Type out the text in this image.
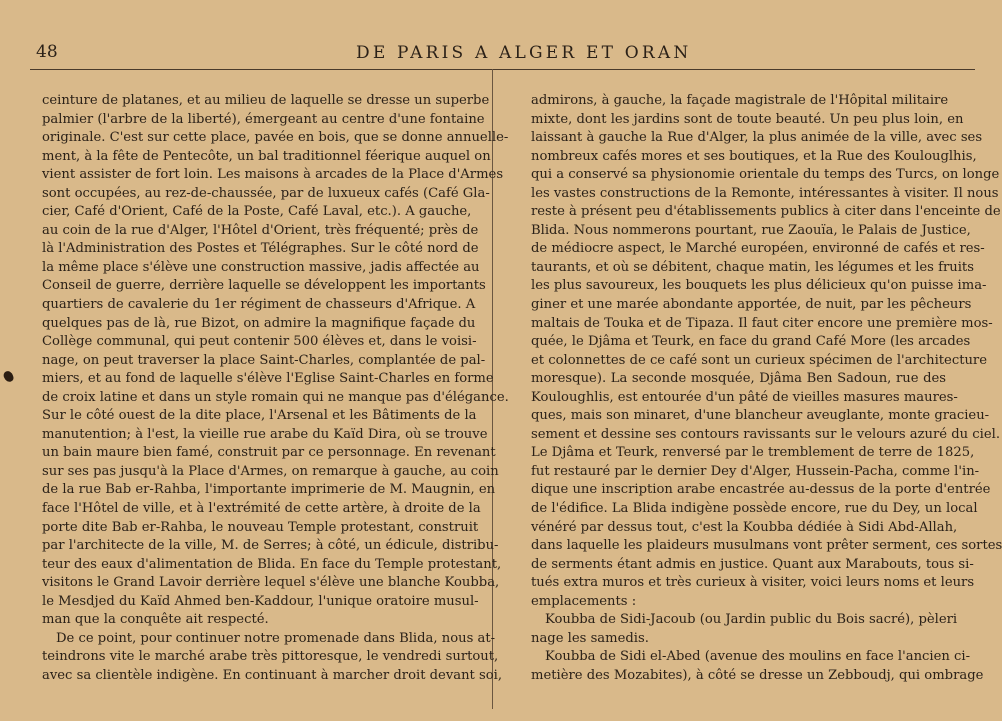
48	DE PARIS A ALGER ET ORAN
ceinture de platanes, et au milieu de laquelle se dresse un superbe
palmier (l'arbre de la liberté), émergeant au centre d'une fontaine
originale. C'est sur cette place, pavée en bois, que se donne annuelle-
ment, à la fête de Pentecôte, un bal traditionnel féerique auquel on
vient assister de fort loin. Les maisons à arcades de la Place d'Armes
sont occupées, au rez-de-chaussée, par de luxueux cafés (Café Gla-
cier, Café d'Orient, Café de la Poste, Café Laval, etc.). A gauche,
au coin de la rue d'Alger, l'Hôtel d'Orient, très fréquenté; près de
là l'Administration des Postes et Télégraphes. Sur le côté nord de
la même place s'élève une construction massive, jadis affectée au
Conseil de guerre, derrière laquelle se développent les importants
quartiers de cavalerie du 1er régiment de chasseurs d'Afrique. A
quelques pas de là, rue Bizot, on admire la magnifique façade du
Collège communal, qui peut contenir 500 élèves et, dans le voisi-
nage, on peut traverser la place Saint-Charles, complantée de pal-
miers, et au fond de laquelle s'élève l'Eglise Saint-Charles en forme
de croix latine et dans un style romain qui ne manque pas d'élégance.
Sur le côté ouest de la dite place, l'Arsenal et les Bâtiments de la
manutention; à l'est, la vieille rue arabe du Kaïd Dira, où se trouve
un bain maure bien famé, construit par ce personnage. En revenant
sur ses pas jusqu'à la Place d'Armes, on remarque à gauche, au coin
de la rue Bab er-Rahba, l'importante imprimerie de M. Maugnin, en
face l'Hôtel de ville, et à l'extrémité de cette artère, à droite de la
porte dite Bab er-Rahba, le nouveau Temple protestant, construit
par l'architecte de la ville, M. de Serres; à côté, un édicule, distribu-
teur des eaux d'alimentation de Blida. En face du Temple protestant,
visitons le Grand Lavoir derrière lequel s'élève une blanche Koubba,
le Mesdjed du Kaïd Ahmed ben-Kaddour, l'unique oratoire musul-
man que la conquête ait respecté.
De ce point, pour continuer notre promenade dans Blida, nous at-
teindrons vite le marché arabe très pittoresque, le vendredi surtout,
avec sa clientèle indigène. En continuant à marcher droit devant soi,
admirons, à gauche, la façade magistrale de l'Hôpital militaire
mixte, dont les jardins sont de toute beauté. Un peu plus loin, en
laissant à gauche la Rue d'Alger, la plus animée de la ville, avec ses
nombreux cafés mores et ses boutiques, et la Rue des Koulouglhis,
qui a conservé sa physionomie orientale du temps des Turcs, on longe
les vastes constructions de la Remonte, intéressantes à visiter. Il nous
reste à présent peu d'établissements publics à citer dans l'enceinte de
Blida. Nous nommerons pourtant, rue Zaouïa, le Palais de Justice,
de médiocre aspect, le Marché européen, environné de cafés et res-
taurants, et où se débitent, chaque matin, les légumes et les fruits
les plus savoureux, les bouquets les plus délicieux qu'on puisse ima-
giner et une marée abondante apportée, de nuit, par les pêcheurs
maltais de Touka et de Tipaza. Il faut citer encore une première mos-
quée, le Djâma et Teurk, en face du grand Café More (les arcades
et colonnettes de ce café sont un curieux spécimen de l'architecture
moresque). La seconde mosquée, Djâma Ben Sadoun, rue des
Kouloughlis, est entourée d'un pâté de vieilles masures maures-
ques, mais son minaret, d'une blancheur aveuglante, monte gracieu-
sement et dessine ses contours ravissants sur le velours azuré du ciel.
Le Djâma et Teurk, renversé par le tremblement de terre de 1825,
fut restauré par le dernier Dey d'Alger, Hussein-Pacha, comme l'in-
dique une inscription arabe encastrée au-dessus de la porte d'entrée
de l'édifice. La Blida indigène possède encore, rue du Dey, un local
vénéré par dessus tout, c'est la Koubba dédiée à Sidi Abd-Allah,
dans laquelle les plaideurs musulmans vont prêter serment, ces sortes
de serments étant admis en justice. Quant aux Marabouts, tous si-
tués extra muros et très curieux à visiter, voici leurs noms et leurs
emplacements :
Koubba de Sidi-Jacoub (ou Jardin public du Bois sacré), pèleri
nage les samedis.
Koubba de Sidi el-Abed (avenue des moulins en face l'ancien ci-
metière des Mozabites), à côté se dresse un Zebboudj, qui ombrage
